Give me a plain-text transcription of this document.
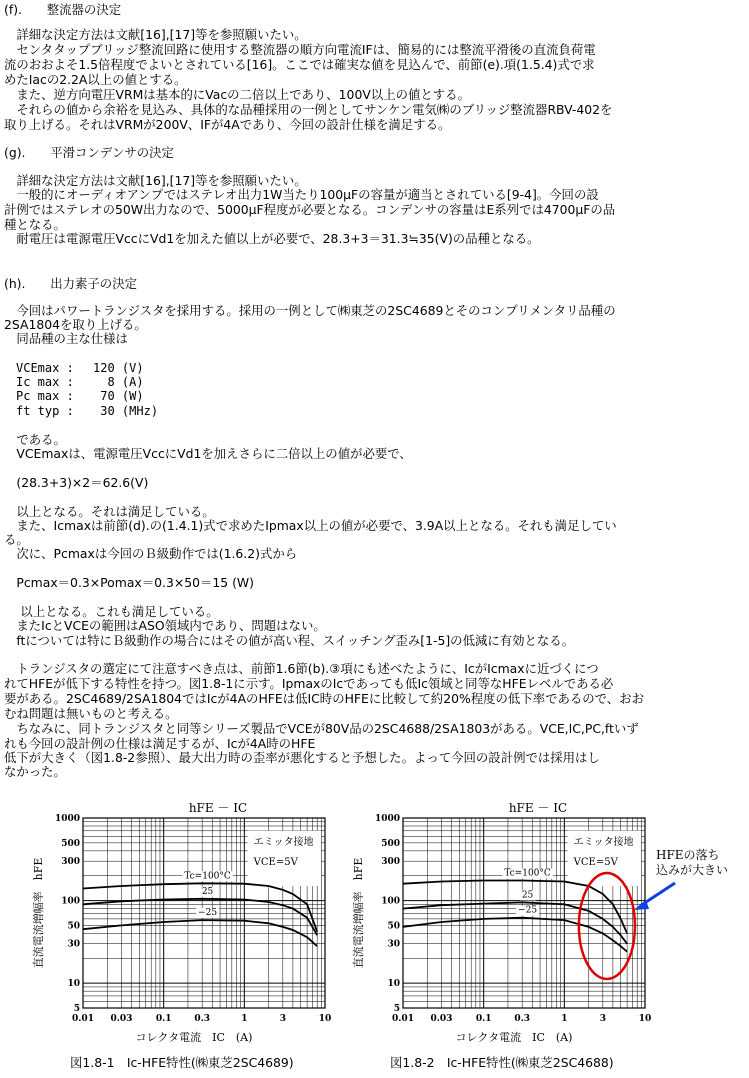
(f).　　整流器の決定

　詳細な決定方法は文献[16],[17]等を参照願いたい。

　センタタップブリッジ整流回路に使用する整流器の順方向電流IFは、簡易的には整流平滑後の直流負荷電

流のおおよそ1.5倍程度でよいとされている[16]。ここでは確実な値を見込んで、前節(e).項(1.5.4)式で求

めたIacの2.2A以上の値とする。

　また、逆方向電圧VRMは基本的にVacの二倍以上であり、100V以上の値とする。

　それらの値から余裕を見込み、具体的な品種採用の一例としてサンケン電気㈱のブリッジ整流器RBV-402を

取り上げる。それはVRMが200V、IFが4Aであり、今回の設計仕様を満足する。

(g).　　平滑コンデンサの決定

　詳細な決定方法は文献[16],[17]等を参照願いたい。

　一般的にオーディオアンプではステレオ出力1W当たり100μFの容量が適当とされている[9-4]。今回の設

計例ではステレオの50W出力なので、5000μF程度が必要となる。コンデンサの容量はE系列では4700μFの品

種となる。

　耐電圧は電源電圧VccにVd1を加えた値以上が必要で、28.3+3＝31.3≒35(V)の品種となる。

(h).　　出力素子の決定

　今回はパワートランジスタを採用する。採用の一例として㈱東芝の2SC4689とそのコンプリメンタリ品種の

2SA1804を取り上げる。

　同品種の主な仕様は

　VCEmax :　 120 (V)

　Ic max :　   8 (A)

　Pc max :　  70 (W)

　ft typ :　  30 (MHz)

　である。

　VCEmaxは、電源電圧VccにVd1を加えさらに二倍以上の値が必要で、

　(28.3+3)×2＝62.6(V)

　以上となる。それは満足している。

　また、Icmaxは前節(d).の(1.4.1)式で求めたIpmax以上の値が必要で、3.9A以上となる。それも満足してい

る。

　次に、Pcmaxは今回のＢ級動作では(1.6.2)式から

　Pcmax＝0.3×Pomax＝0.3×50＝15 (W)

　 以上となる。これも満足している。

　またIcとVCEの範囲はASO領域内であり、問題はない。

　ftについては特にＢ級動作の場合にはその値が高い程、スイッチング歪み[1-5]の低減に有効となる。

　トランジスタの選定にて注意すべき点は、前節1.6節(b).③項にも述べたように、IcがIcmaxに近づくにつ

れてHFEが低下する特性を持つ。図1.8-1に示す。IpmaxのIcであっても低Ic領域と同等なHFEレベルである必

要がある。2SC4689/2SA1804ではIcが4AのHFEは低IC時のHFEに比較して約20%程度の低下率であるので、おお

むね問題は無いものと考える。

　ちなみに、同トランジスタと同等シリーズ製品でVCEが80V品の2SC4688/2SA1803がある。VCE,IC,PC,ftいず

れも今回の設計例の仕様は満足するが、Icが4A時のHFE

低下が大きく（図1.8-2参照）、最大出力時の歪率が悪化すると予想した。よって今回の設計例では採用はし

なかった。

hFE － IC
0.01 0.03	0.1	0.3	1	3	10
5
10
30
50
100
300
500
1000
コレクタ電流　IC　(A)
直流電流増幅率　hFE
エミッタ接地
VCE=5V
Tc=100°C
25
−25
hFE － IC
0.01 0.03	0.1	0.3	1	3	10
5
10
30
50
100
300
500
1000
コレクタ電流　IC　(A)
直流電流増幅率　hFE
エミッタ接地
VCE=5V
Tc=100°C
25
−25
HFEの落ち
込みが大きい
図1.8-1　Ic-HFE特性(㈱東芝2SC4689)	図1.8-2　Ic-HFE特性(㈱東芝2SC4688)
